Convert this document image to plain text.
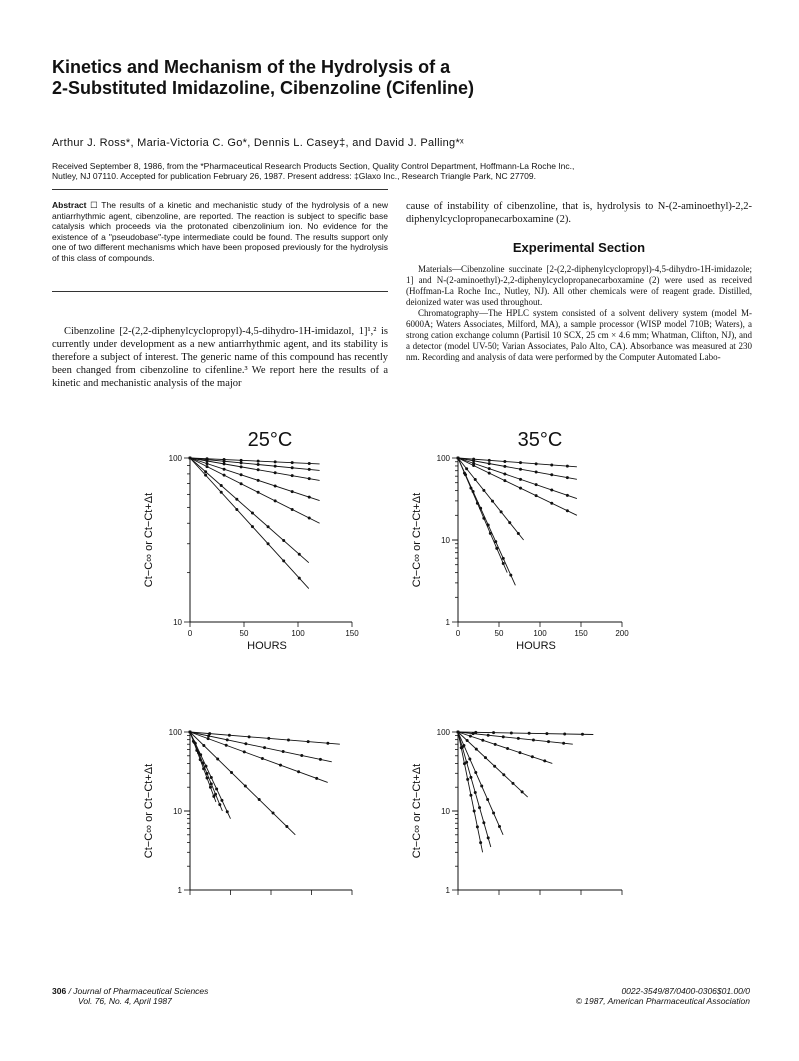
Kinetics and Mechanism of the Hydrolysis of a
2-Substituted Imidazoline, Cibenzoline (Cifenline)
Arthur J. Ross*, Maria-Victoria C. Go*, Dennis L. Casey‡, and David J. Palling*ˣ
Received September 8, 1986, from the *Pharmaceutical Research Products Section, Quality Control Department, Hoffmann-La Roche Inc.,
Nutley, NJ 07110. Accepted for publication February 26, 1987. Present address: ‡Glaxo Inc., Research Triangle Park, NC 27709.
Abstract ☐ The results of a kinetic and mechanistic study of the hydrolysis of a new antiarrhythmic agent, cibenzoline, are reported. The reaction is subject to specific base catalysis which proceeds via the protonated cibenzolinium ion. No evidence for the existence of a "pseudobase"-type intermediate could be found. The results support only one of two different mechanisms which have been proposed previously for the hydrolysis of this class of compounds.

Cibenzoline [2-(2,2-diphenylcyclopropyl)-4,5-dihydro-1H-imidazol, 1]¹,² is currently under development as a new antiarrhythmic agent, and its stability is therefore a subject of interest. The generic name of this compound has recently been changed from cibenzoline to cifenline.³ We report here the results of a kinetic and mechanistic analysis of the major

cause of instability of cibenzoline, that is, hydrolysis to N-(2-aminoethyl)-2,2-diphenylcyclopropanecarboxamine (2).
Experimental Section

Materials—Cibenzoline succinate [2-(2,2-diphenylcyclopropyl)-4,5-dihydro-1H-imidazole; 1] and N-(2-aminoethyl)-2,2-diphenylcyclopropanecarboxamine (2) were used as received (Hoffman-La Roche Inc., Nutley, NJ). All other chemicals were of reagent grade. Distilled, deionized water was used throughout.

Chromatography—The HPLC system consisted of a solvent delivery system (model M-6000A; Waters Associates, Milford, MA), a sample processor (WISP model 710B; Waters), a strong cation exchange column (Partisil 10 SCX, 25 cm × 4.6 mm; Whatman, Clifton, NJ), and a detector (model UV-50; Varian Associates, Palo Alto, CA). Absorbance was measured at 230 nm. Recording and analysis of data were performed by the Computer Automated Labo-

100
10
0	50	100	150
25°C
HOURS
Ct−C∞ or Ct−Ct+Δt
100
10
1
0	50	100	150	200
35°C
HOURS
Ct−C∞ or Ct−Ct+Δt
100
10
1
Ct−C∞ or Ct−Ct+Δt
100
10
1
Ct−C∞ or Ct−Ct+Δt
306 / Journal of Pharmaceutical Sciences
Vol. 76, No. 4, April 1987
0022-3549/87/0400-0306$01.00/0
© 1987, American Pharmaceutical Association
